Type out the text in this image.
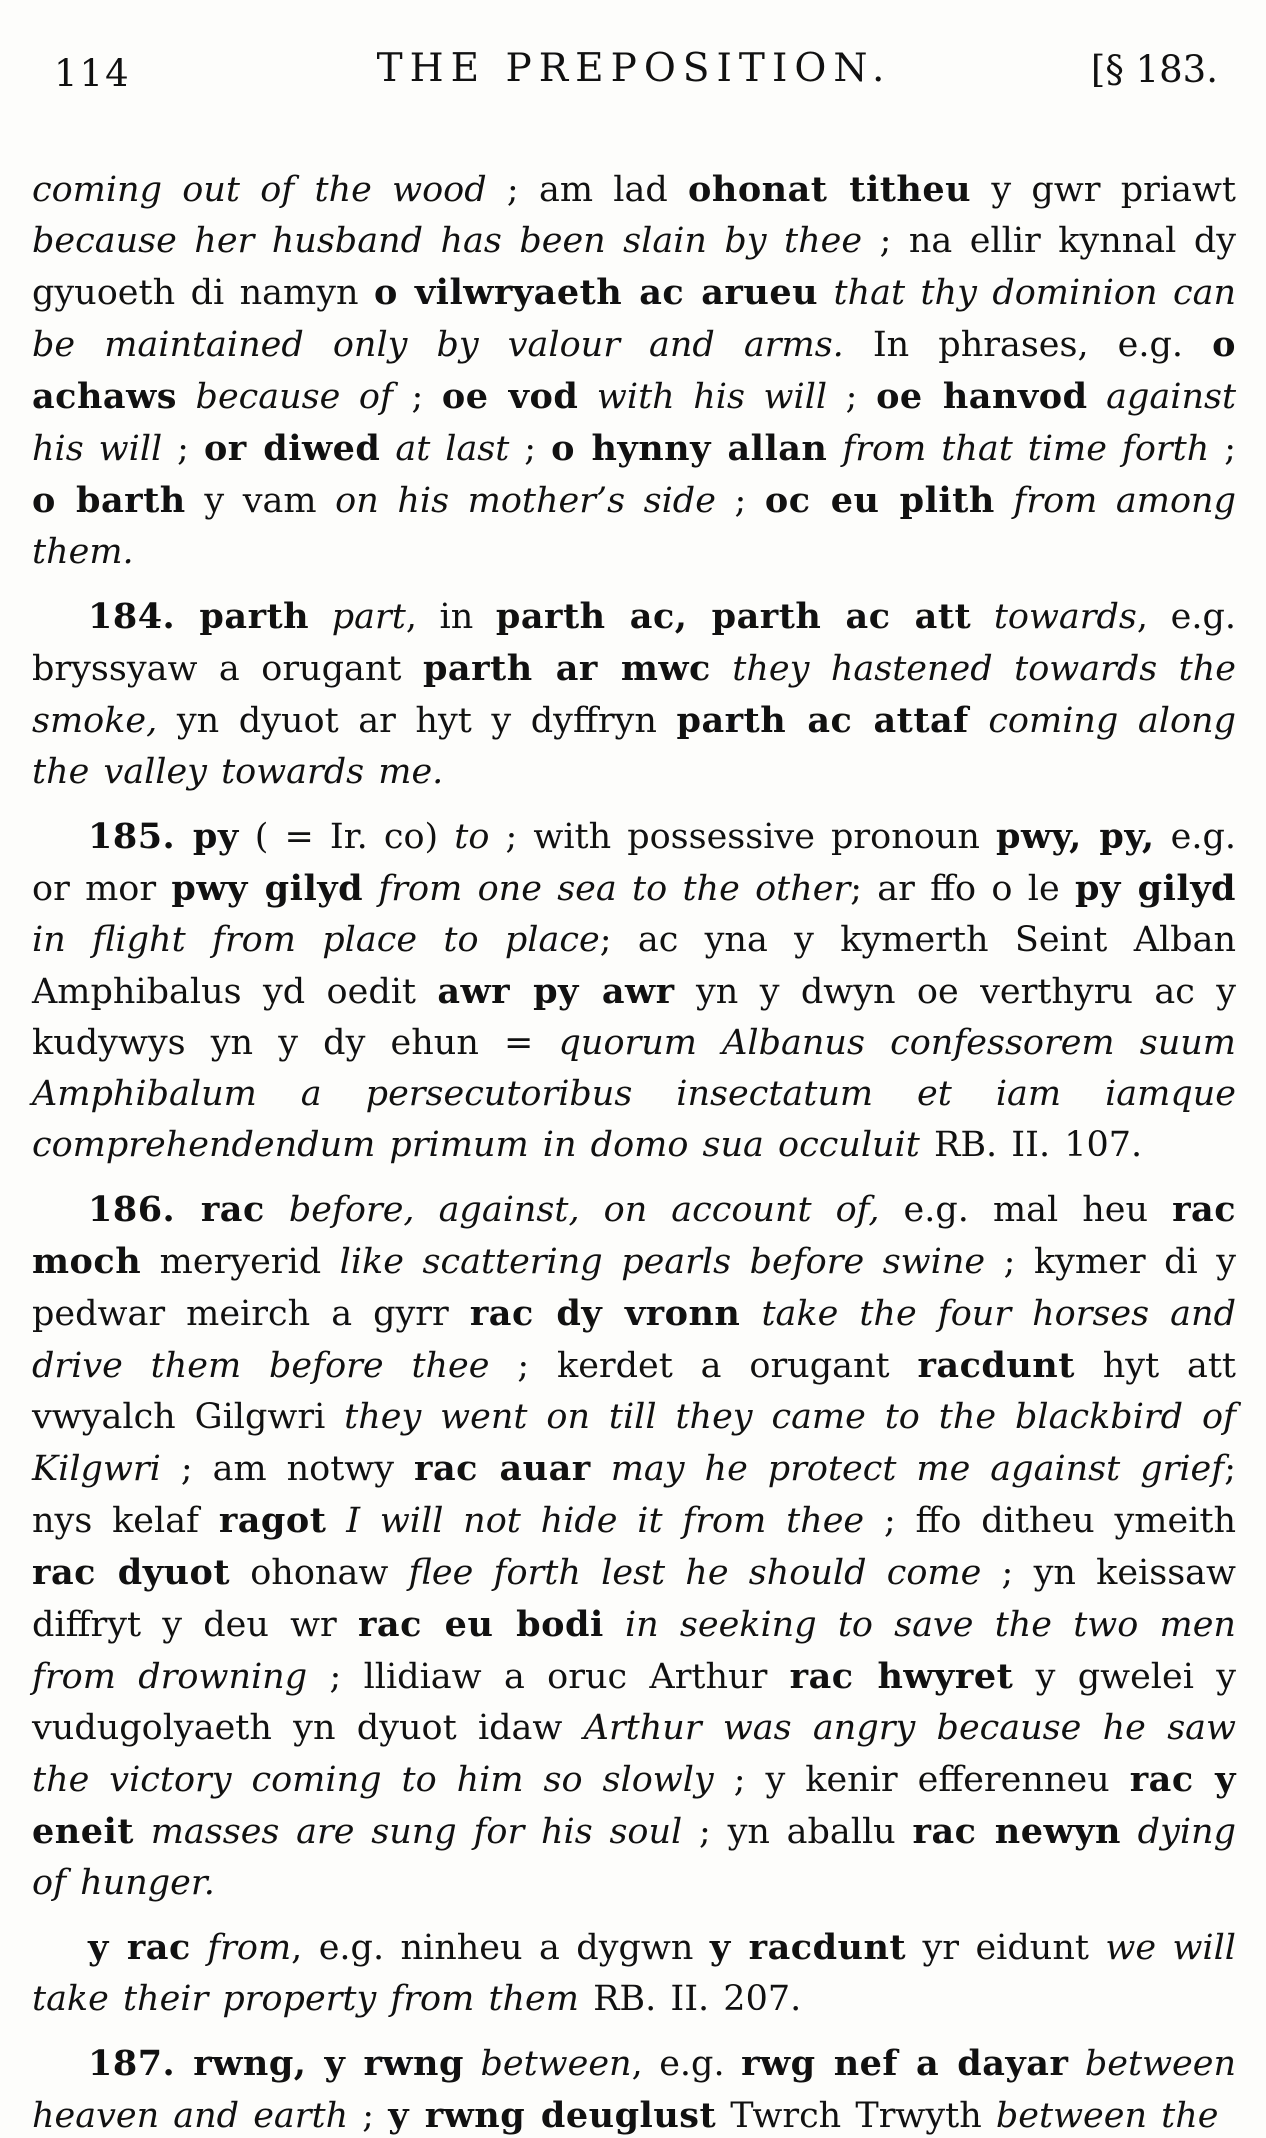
114	THE PREPOSITION.	[§ 183.

coming out of the wood ; am lad ohonat titheu y gwr priawt because her husband has been slain by thee ; na ellir kynnal dy gyuoeth di namyn o vilwryaeth ac arueu that thy dominion can be maintained only by valour and arms. In phrases, e.g. o achaws because of ; oe vod with his will ; oe hanvod against his will ; or diwed at last ; o hynny allan from that time forth ; o barth y vam on his mother’s side ; oc eu plith from among them.

184. parth part, in parth ac, parth ac att towards, e.g. bryssyaw a orugant parth ar mwc they hastened towards the smoke, yn dyuot ar hyt y dyffryn parth ac attaf coming along the valley towards me.

185. py ( = Ir. co) to ; with possessive pronoun pwy, py, e.g. or mor pwy gilyd from one sea to the other; ar ffo o le py gilyd in flight from place to place; ac yna y kymerth Seint Alban Amphibalus yd oedit awr py awr yn y dwyn oe verthyru ac y kudywys yn y dy ehun = quorum Albanus confessorem suum Amphibalum a persecutoribus insectatum et iam iamque comprehendendum primum in domo sua occuluit RB. II. 107.

186. rac before, against, on account of, e.g. mal heu rac moch meryerid like scattering pearls before swine ; kymer di y pedwar meirch a gyrr rac dy vronn take the four horses and drive them before thee ; kerdet a orugant racdunt hyt att vwyalch Gilgwri they went on till they came to the blackbird of Kilgwri ; am notwy rac auar may he protect me against grief; nys kelaf ragot I will not hide it from thee ; ffo ditheu ymeith rac dyuot ohonaw flee forth lest he should come ; yn keissaw diffryt y deu wr rac eu bodi in seeking to save the two men from drowning ; llidiaw a oruc Arthur rac hwyret y gwelei y vudugolyaeth yn dyuot idaw Arthur was angry because he saw the victory coming to him so slowly ; y kenir efferenneu rac y eneit masses are sung for his soul ; yn aballu rac newyn dying of hunger.

y rac from, e.g. ninheu a dygwn y racdunt yr eidunt we will take their property from them RB. II. 207.

187. rwng, y rwng between, e.g. rwg nef a dayar between heaven and earth ; y rwng deuglust Twrch Trwyth between the
